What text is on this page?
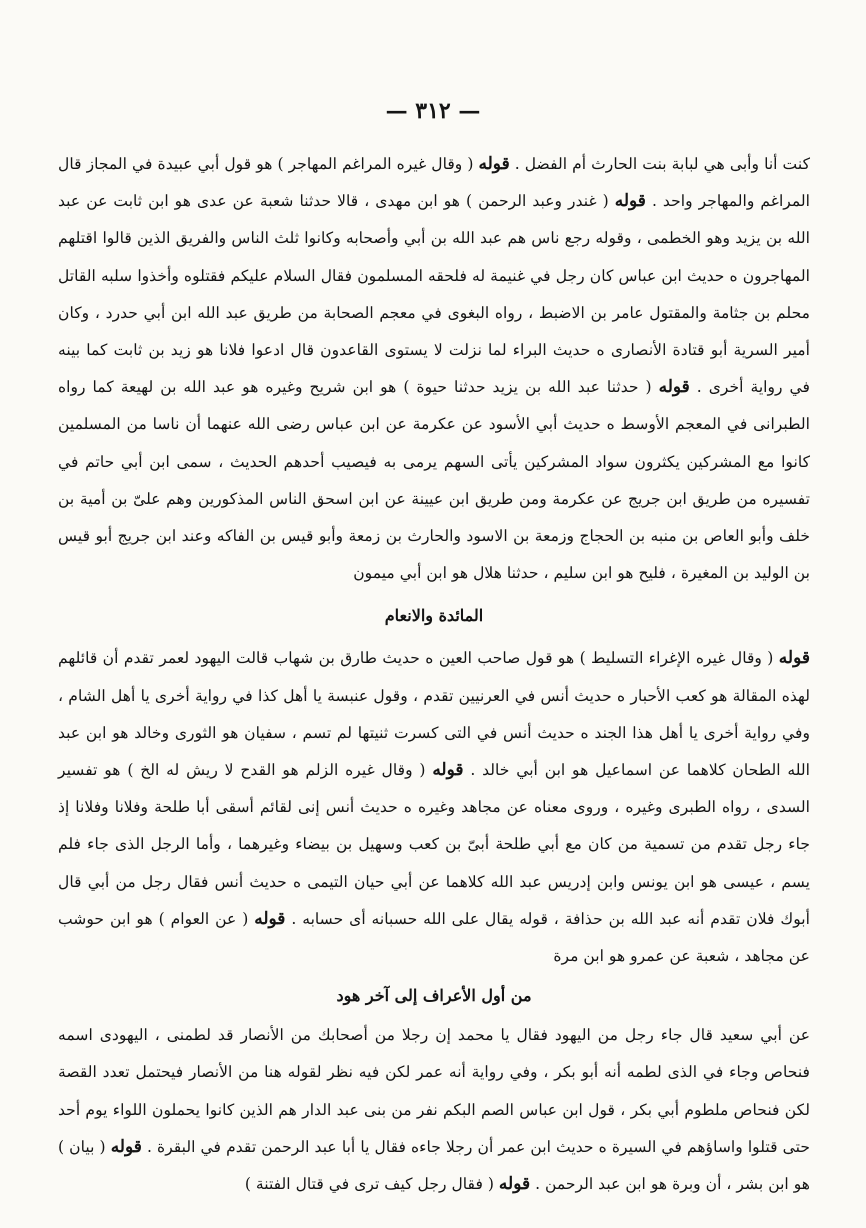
— ٣١٢ —

كنت أنا وأبى هي لبابة بنت الحارث أم الفضل . قوله ( وقال غيره المراغم المهاجر ) هو قول أبي عبيدة في المجاز قال المراغم والمهاجر واحد . قوله ( غندر وعبد الرحمن ) هو ابن مهدى ، قالا حدثنا شعبة عن عدى هو ابن ثابت عن عبد الله بن يزيد وهو الخطمى ، وقوله رجع ناس هم عبد الله بن أبي وأصحابه وكانوا ثلث الناس والفريق الذين قالوا اقتلهم المهاجرون ه حديث ابن عباس كان رجل في غنيمة له فلحقه المسلمون فقال السلام عليكم فقتلوه وأخذوا سلبه القاتل محلم بن جثامة والمقتول عامر بن الاضبط ، رواه البغوى في معجم الصحابة من طريق عبد الله ابن أبي حدرد ، وكان أمير السرية أبو قتادة الأنصارى ه حديث البراء لما نزلت لا يستوى القاعدون قال ادعوا فلانا هو زيد بن ثابت كما بينه في رواية أخرى . قوله ( حدثنا عبد الله بن يزيد حدثنا حيوة ) هو ابن شريح وغيره هو عبد الله بن لهيعة كما رواه الطبرانى في المعجم الأوسط ه حديث أبي الأسود عن عكرمة عن ابن عباس رضى الله عنهما أن ناسا من المسلمين كانوا مع المشركين يكثرون سواد المشركين يأتى السهم يرمى به فيصيب أحدهم الحديث ، سمى ابن أبي حاتم في تفسيره من طريق ابن جريج عن عكرمة ومن طريق ابن عيينة عن ابن اسحق الناس المذكورين وهم علىّ بن أمية بن خلف وأبو العاص بن منبه بن الحجاج وزمعة بن الاسود والحارث بن زمعة وأبو قيس بن الفاكه وعند ابن جريج أبو قيس بن الوليد بن المغيرة ، فليح هو ابن سليم ، حدثنا هلال هو ابن أبي ميمون

المائدة والانعام

قوله ( وقال غيره الإغراء التسليط ) هو قول صاحب العين ه حديث طارق بن شهاب قالت اليهود لعمر تقدم أن قائلهم لهذه المقالة هو كعب الأحبار ه حديث أنس في العرنيين تقدم ، وقول عنبسة يا أهل كذا في رواية أخرى يا أهل الشام ، وفي رواية أخرى يا أهل هذا الجند ه حديث أنس في التى كسرت ثنيتها لم تسم ، سفيان هو الثورى وخالد هو ابن عبد الله الطحان كلاهما عن اسماعيل هو ابن أبي خالد . قوله ( وقال غيره الزلم هو القدح لا ريش له الخ ) هو تفسير السدى ، رواه الطبرى وغيره ، وروى معناه عن مجاهد وغيره ه حديث أنس إنى لقائم أسقى أبا طلحة وفلانا وفلانا إذ جاء رجل تقدم من تسمية من كان مع أبي طلحة أبىّ بن كعب وسهيل بن بيضاء وغيرهما ، وأما الرجل الذى جاء فلم يسم ، عيسى هو ابن يونس وابن إدريس عبد الله كلاهما عن أبي حيان التيمى ه حديث أنس فقال رجل من أبي قال أبوك فلان تقدم أنه عبد الله بن حذافة ، قوله يقال على الله حسبانه أى حسابه . قوله ( عن العوام ) هو ابن حوشب عن مجاهد ، شعبة عن عمرو هو ابن مرة

من أول الأعراف إلى آخر هود

عن أبي سعيد قال جاء رجل من اليهود فقال يا محمد إن رجلا من أصحابك من الأنصار قد لطمنى ، اليهودى اسمه فنحاص وجاء في الذى لطمه أنه أبو بكر ، وفي رواية أنه عمر لكن فيه نظر لقوله هنا من الأنصار فيحتمل تعدد القصة لكن فنحاص ملطوم أبي بكر ، قول ابن عباس الصم البكم نفر من بنى عبد الدار هم الذين كانوا يحملون اللواء يوم أحد حتى قتلوا واساؤهم في السيرة ه حديث ابن عمر أن رجلا جاءه فقال يا أبا عبد الرحمن تقدم في البقرة . قوله ( بيان ) هو ابن بشر ، أن وبرة هو ابن عبد الرحمن . قوله ( فقال رجل كيف ترى في قتال الفتنة )
